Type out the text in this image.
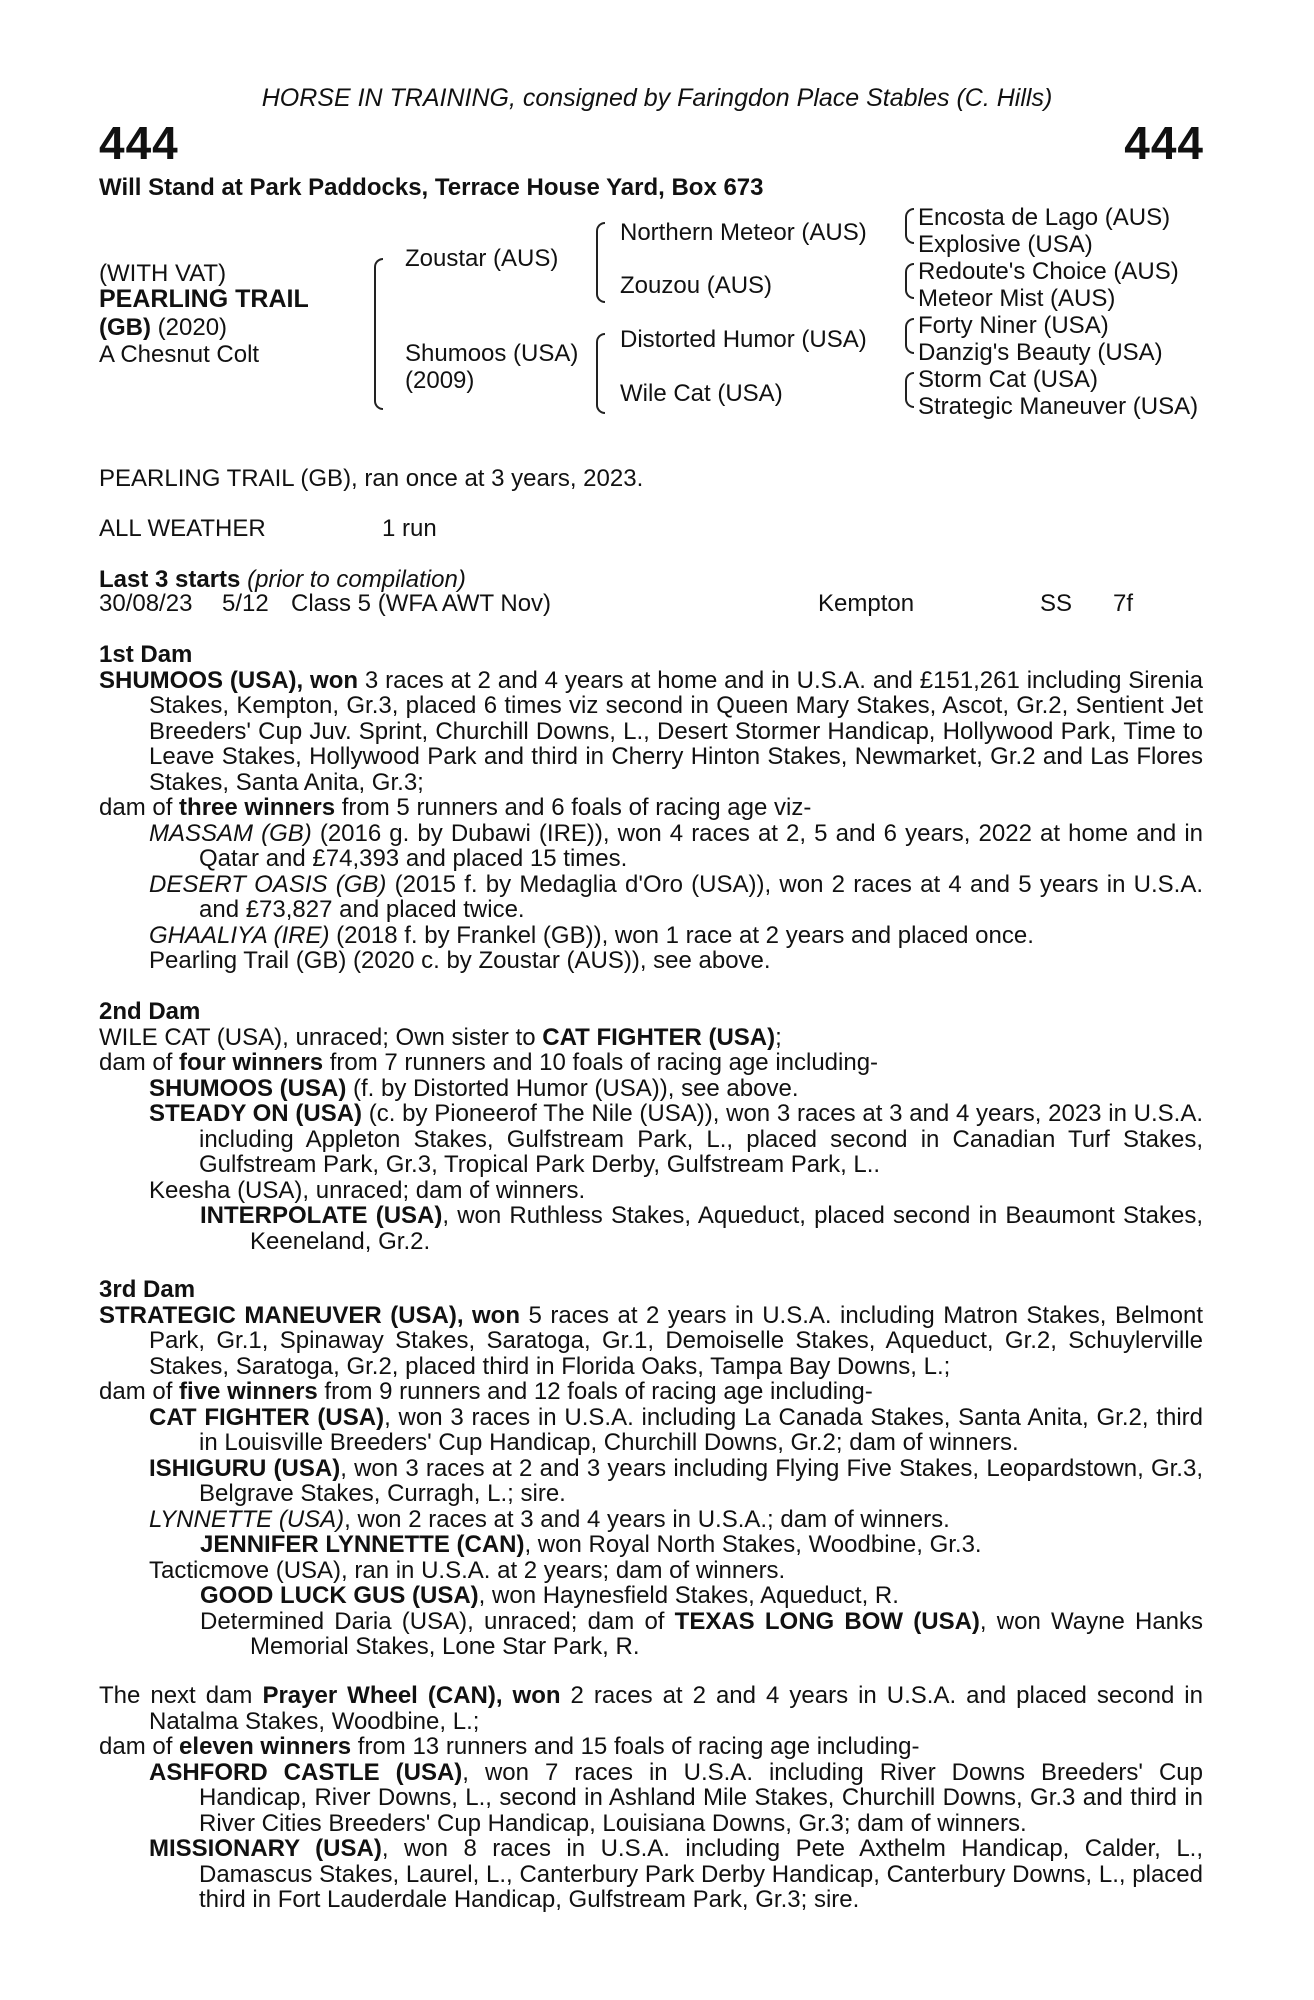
HORSE IN TRAINING, consigned by Faringdon Place Stables (C. Hills)
444	444
Will Stand at Park Paddocks, Terrace House Yard, Box 673
(WITH VAT)
PEARLING TRAIL
(GB) (2020)
A Chesnut Colt
Zoustar (AUS)
Shumoos (USA)
(2009)
Northern Meteor (AUS)
Zouzou (AUS)
Distorted Humor (USA)
Wile Cat (USA)
Encosta de Lago (AUS)
Explosive (USA)
Redoute's Choice (AUS)
Meteor Mist (AUS)
Forty Niner (USA)
Danzig's Beauty (USA)
Storm Cat (USA)
Strategic Maneuver (USA)
PEARLING TRAIL (GB), ran once at 3 years, 2023.
ALL WEATHER	1 run
Last 3 starts (prior to compilation)
30/08/23 5/12 Class 5 (WFA AWT Nov)	Kempton	SS 7f

1st Dam

SHUMOOS (USA), won 3 races at 2 and 4 years at home and in U.S.A. and £151,261 including Sirenia Stakes, Kempton, Gr.3, placed 6 times viz second in Queen Mary Stakes, Ascot, Gr.2, Sentient Jet Breeders' Cup Juv. Sprint, Churchill Downs, L., Desert Stormer Handicap, Hollywood Park, Time to Leave Stakes, Hollywood Park and third in Cherry Hinton Stakes, Newmarket, Gr.2 and Las Flores Stakes, Santa Anita, Gr.3;

dam of three winners from 5 runners and 6 foals of racing age viz-

MASSAM (GB) (2016 g. by Dubawi (IRE)), won 4 races at 2, 5 and 6 years, 2022 at home and in Qatar and £74,393 and placed 15 times.

DESERT OASIS (GB) (2015 f. by Medaglia d'Oro (USA)), won 2 races at 4 and 5 years in U.S.A. and £73,827 and placed twice.

GHAALIYA (IRE) (2018 f. by Frankel (GB)), won 1 race at 2 years and placed once.

Pearling Trail (GB) (2020 c. by Zoustar (AUS)), see above.

2nd Dam

WILE CAT (USA), unraced; Own sister to CAT FIGHTER (USA);

dam of four winners from 7 runners and 10 foals of racing age including-

SHUMOOS (USA) (f. by Distorted Humor (USA)), see above.

STEADY ON (USA) (c. by Pioneerof The Nile (USA)), won 3 races at 3 and 4 years, 2023 in U.S.A. including Appleton Stakes, Gulfstream Park, L., placed second in Canadian Turf Stakes, Gulfstream Park, Gr.3, Tropical Park Derby, Gulfstream Park, L..

Keesha (USA), unraced; dam of winners.

INTERPOLATE (USA), won Ruthless Stakes, Aqueduct, placed second in Beaumont Stakes, Keeneland, Gr.2.

3rd Dam

STRATEGIC MANEUVER (USA), won 5 races at 2 years in U.S.A. including Matron Stakes, Belmont Park, Gr.1, Spinaway Stakes, Saratoga, Gr.1, Demoiselle Stakes, Aqueduct, Gr.2, Schuylerville Stakes, Saratoga, Gr.2, placed third in Florida Oaks, Tampa Bay Downs, L.;

dam of five winners from 9 runners and 12 foals of racing age including-

CAT FIGHTER (USA), won 3 races in U.S.A. including La Canada Stakes, Santa Anita, Gr.2, third in Louisville Breeders' Cup Handicap, Churchill Downs, Gr.2; dam of winners.

ISHIGURU (USA), won 3 races at 2 and 3 years including Flying Five Stakes, Leopardstown, Gr.3, Belgrave Stakes, Curragh, L.; sire.

LYNNETTE (USA), won 2 races at 3 and 4 years in U.S.A.; dam of winners.

JENNIFER LYNNETTE (CAN), won Royal North Stakes, Woodbine, Gr.3.

Tacticmove (USA), ran in U.S.A. at 2 years; dam of winners.

GOOD LUCK GUS (USA), won Haynesfield Stakes, Aqueduct, R.

Determined Daria (USA), unraced; dam of TEXAS LONG BOW (USA), won Wayne Hanks Memorial Stakes, Lone Star Park, R.

The next dam Prayer Wheel (CAN), won 2 races at 2 and 4 years in U.S.A. and placed second in Natalma Stakes, Woodbine, L.;

dam of eleven winners from 13 runners and 15 foals of racing age including-

ASHFORD CASTLE (USA), won 7 races in U.S.A. including River Downs Breeders' Cup Handicap, River Downs, L., second in Ashland Mile Stakes, Churchill Downs, Gr.3 and third in River Cities Breeders' Cup Handicap, Louisiana Downs, Gr.3; dam of winners.

MISSIONARY (USA), won 8 races in U.S.A. including Pete Axthelm Handicap, Calder, L., Damascus Stakes, Laurel, L., Canterbury Park Derby Handicap, Canterbury Downs, L., placed third in Fort Lauderdale Handicap, Gulfstream Park, Gr.3; sire.
